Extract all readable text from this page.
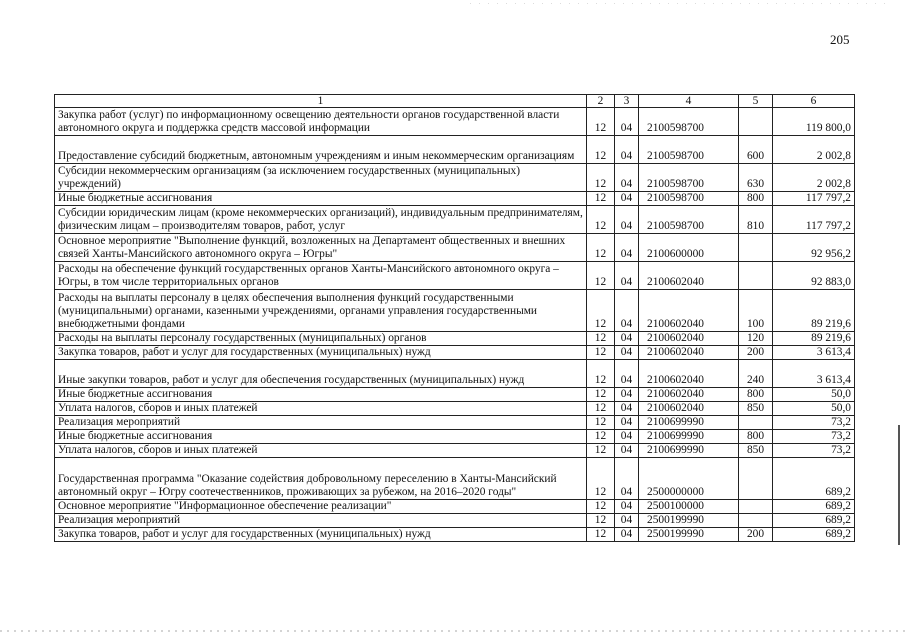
205
1	2	3	4	5	6
Закупка работ (услуг) по информационному освещению деятельности органов государственной власти автономного округа и поддержка средств массовой информации	12	04	2100598700		119 800,0
Предоставление субсидий бюджетным, автономным учреждениям и иным некоммерческим организациям	12	04	2100598700	600	2 002,8
Субсидии некоммерческим организациям (за исключением государственных (муниципальных) учреждений)	12	04	2100598700	630	2 002,8
Иные бюджетные ассигнования	12	04	2100598700	800	117 797,2
Субсидии юридическим лицам (кроме некоммерческих организаций), индивидуальным предпринимателям, физическим лицам – производителям товаров, работ, услуг	12	04	2100598700	810	117 797,2
Основное мероприятие "Выполнение функций, возложенных на Департамент общественных и внешних связей Ханты-Мансийского автономного округа – Югры"	12	04	2100600000		92 956,2
Расходы на обеспечение функций государственных органов Ханты-Мансийского автономного округа – Югры, в том числе территориальных органов	12	04	2100602040		92 883,0
Расходы на выплаты персоналу в целях обеспечения выполнения функций государственными (муниципальными) органами, казенными учреждениями, органами управления государственными внебюджетными фондами	12	04	2100602040	100	89 219,6
Расходы на выплаты персоналу государственных (муниципальных) органов	12	04	2100602040	120	89 219,6
Закупка товаров, работ и услуг для государственных (муниципальных) нужд	12	04	2100602040	200	3 613,4
Иные закупки товаров, работ и услуг для обеспечения государственных (муниципальных) нужд	12	04	2100602040	240	3 613,4
Иные бюджетные ассигнования	12	04	2100602040	800	50,0
Уплата налогов, сборов и иных платежей	12	04	2100602040	850	50,0
Реализация мероприятий	12	04	2100699990		73,2
Иные бюджетные ассигнования	12	04	2100699990	800	73,2
Уплата налогов, сборов и иных платежей	12	04	2100699990	850	73,2
Государственная программа "Оказание содействия добровольному переселению в Ханты-Мансийский автономный округ – Югру соотечественников, проживающих за рубежом, на 2016–2020 годы"	12	04	2500000000		689,2
Основное мероприятие "Информационное обеспечение реализации"	12	04	2500100000		689,2
Реализация мероприятий	12	04	2500199990		689,2
Закупка товаров, работ и услуг для государственных (муниципальных) нужд	12	04	2500199990	200	689,2
